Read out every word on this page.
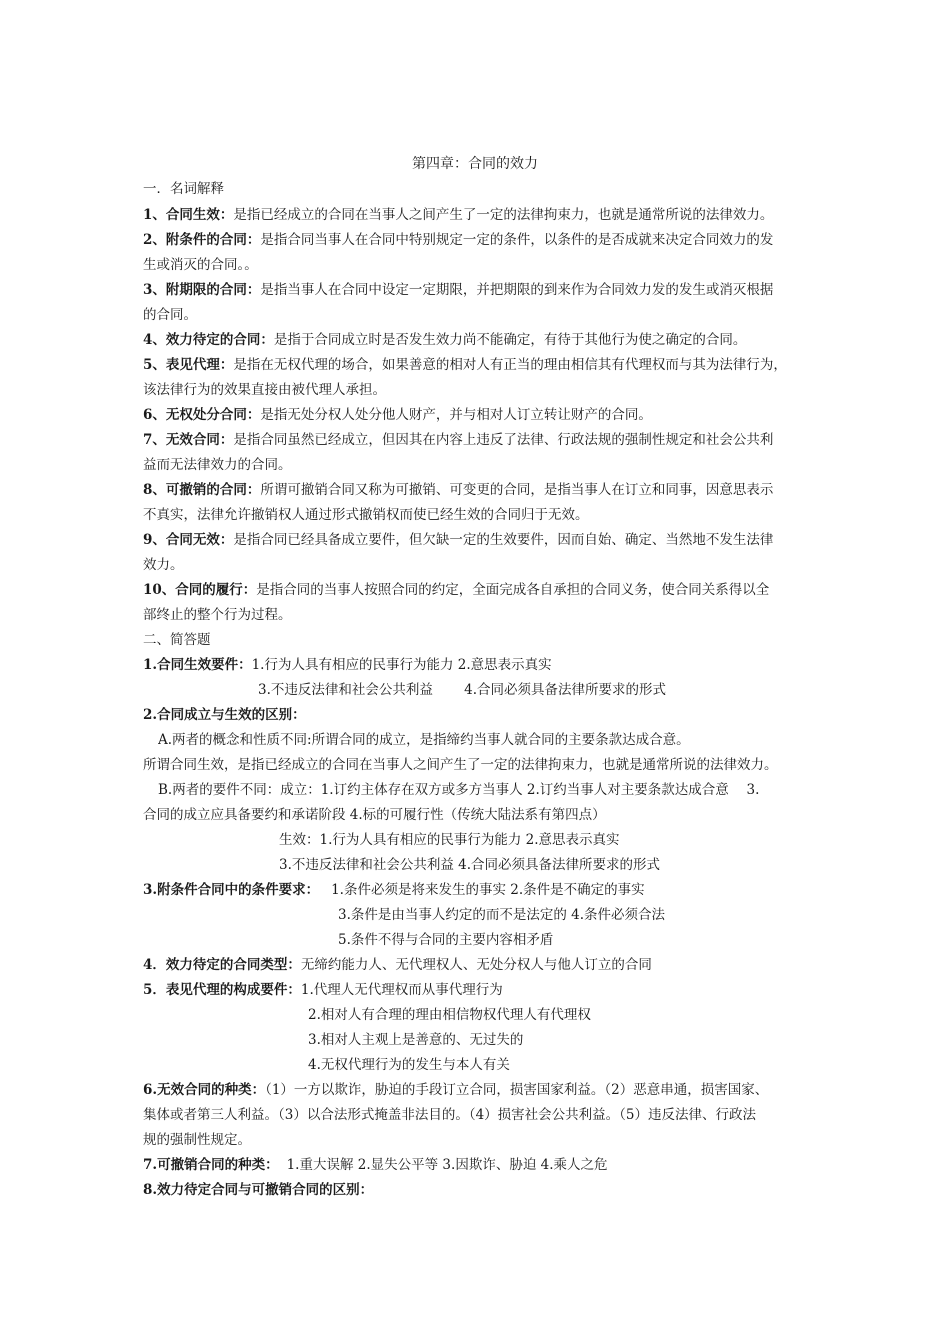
第四章：合同的效力
一．名词解释
1、合同生效：是指已经成立的合同在当事人之间产生了一定的法律拘束力，也就是通常所说的法律效力。
2、附条件的合同：是指合同当事人在合同中特别规定一定的条件，以条件的是否成就来决定合同效力的发
生或消灭的合同。。
3、附期限的合同：是指当事人在合同中设定一定期限，并把期限的到来作为合同效力发的发生或消灭根据
的合同。
4、效力待定的合同：是指于合同成立时是否发生效力尚不能确定，有待于其他行为使之确定的合同。
5、表见代理：是指在无权代理的场合，如果善意的相对人有正当的理由相信其有代理权而与其为法律行为，
该法律行为的效果直接由被代理人承担。
6、无权处分合同：是指无处分权人处分他人财产，并与相对人订立转让财产的合同。
7、无效合同：是指合同虽然已经成立，但因其在内容上违反了法律、行政法规的强制性规定和社会公共利
益而无法律效力的合同。
8、可撤销的合同：所谓可撤销合同又称为可撤销、可变更的合同，是指当事人在订立和同事，因意思表示
不真实，法律允许撤销权人通过形式撤销权而使已经生效的合同归于无效。
9、合同无效：是指合同已经具备成立要件，但欠缺一定的生效要件，因而自始、确定、当然地不发生法律
效力。
10、合同的履行：是指合同的当事人按照合同的约定，全面完成各自承担的合同义务，使合同关系得以全
部终止的整个行为过程。
二、简答题
1.合同生效要件：1.行为人具有相应的民事行为能力 2.意思表示真实
3.不违反法律和社会公共利益　　 4.合同必须具备法律所要求的形式
2.合同成立与生效的区别：
A.两者的概念和性质不同:所谓合同的成立，是指缔约当事人就合同的主要条款达成合意。
所谓合同生效，是指已经成立的合同在当事人之间产生了一定的法律拘束力，也就是通常所说的法律效力。
B.两者的要件不同：成立：1.订约主体存在双方或多方当事人 2.订约当事人对主要条款达成合意　 3.
合同的成立应具备要约和承诺阶段 4.标的可履行性（传统大陆法系有第四点）
生效：1.行为人具有相应的民事行为能力 2.意思表示真实
3.不违反法律和社会公共利益 4.合同必须具备法律所要求的形式
3.附条件合同中的条件要求： 1.条件必须是将来发生的事实 2.条件是不确定的事实
3.条件是由当事人约定的而不是法定的 4.条件必须合法
5.条件不得与合同的主要内容相矛盾
4．效力待定的合同类型：无缔约能力人、无代理权人、无处分权人与他人订立的合同
5．表见代理的构成要件：1.代理人无代理权而从事代理行为
2.相对人有合理的理由相信物权代理人有代理权
3.相对人主观上是善意的、无过失的
4.无权代理行为的发生与本人有关
6.无效合同的种类：（1）一方以欺诈，胁迫的手段订立合同，损害国家利益。（2）恶意串通，损害国家、
集体或者第三人利益。（3）以合法形式掩盖非法目的。（4）损害社会公共利益。（5）违反法律、行政法
规的强制性规定。
7.可撤销合同的种类： 1.重大误解 2.显失公平等 3.因欺诈、胁迫 4.乘人之危
8.效力待定合同与可撤销合同的区别：
